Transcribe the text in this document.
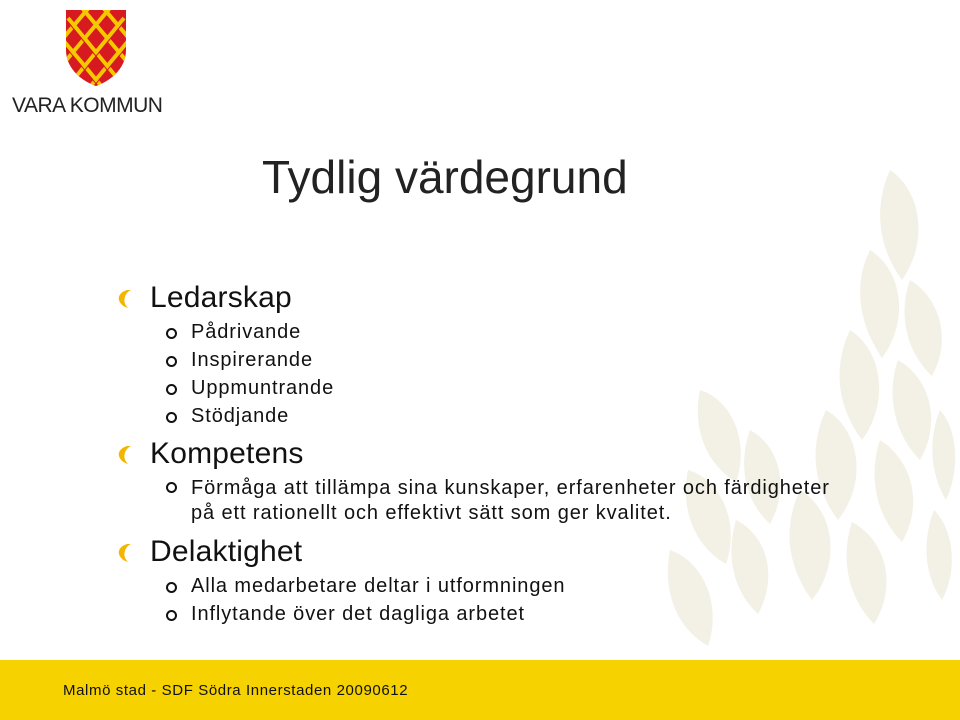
VARA KOMMUN
Tydlig värdegrund
Ledarskap
Pådrivande
Inspirerande
Uppmuntrande
Stödjande
Kompetens
Förmåga att tillämpa sina kunskaper, erfarenheter och färdigheter på ett rationellt och effektivt sätt som ger kvalitet.
Delaktighet
Alla medarbetare deltar i utformningen
Inflytande över det dagliga arbetet
Malmö stad - SDF Södra Innerstaden 20090612
